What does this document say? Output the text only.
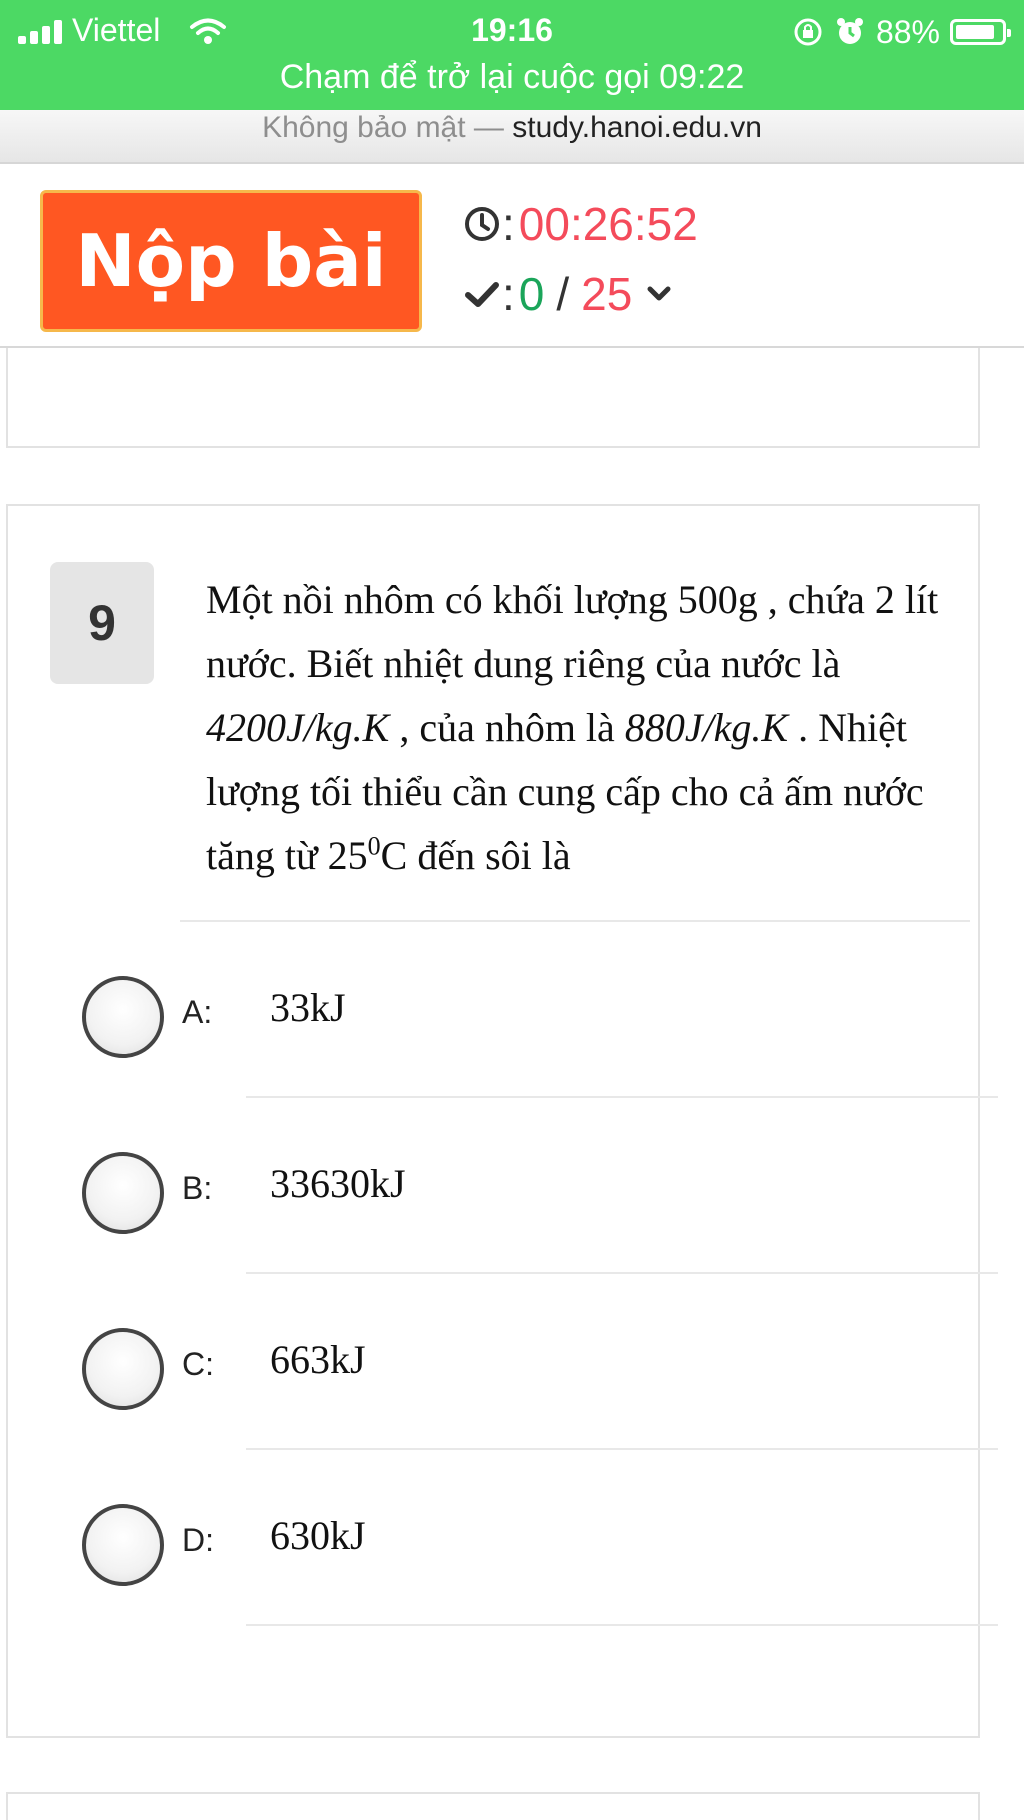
Viettel	19:16	88%
Chạm để trở lại cuộc gọi 09:22
Không bảo mật — study.hanoi.edu.vn
Nộp bài	: 00:26:52
: 0 / 25
9	Một nồi nhôm có khối lượng 500g , chứa 2 lít nước. Biết nhiệt dung riêng của nước là 4200J/kg.K , của nhôm là 880J/kg.K . Nhiệt lượng tối thiểu cần cung cấp cho cả ấm nước tăng từ $25^0C$ đến sôi là
A: 33kJ
B: 33630kJ
C: 663kJ
D: 630kJ
